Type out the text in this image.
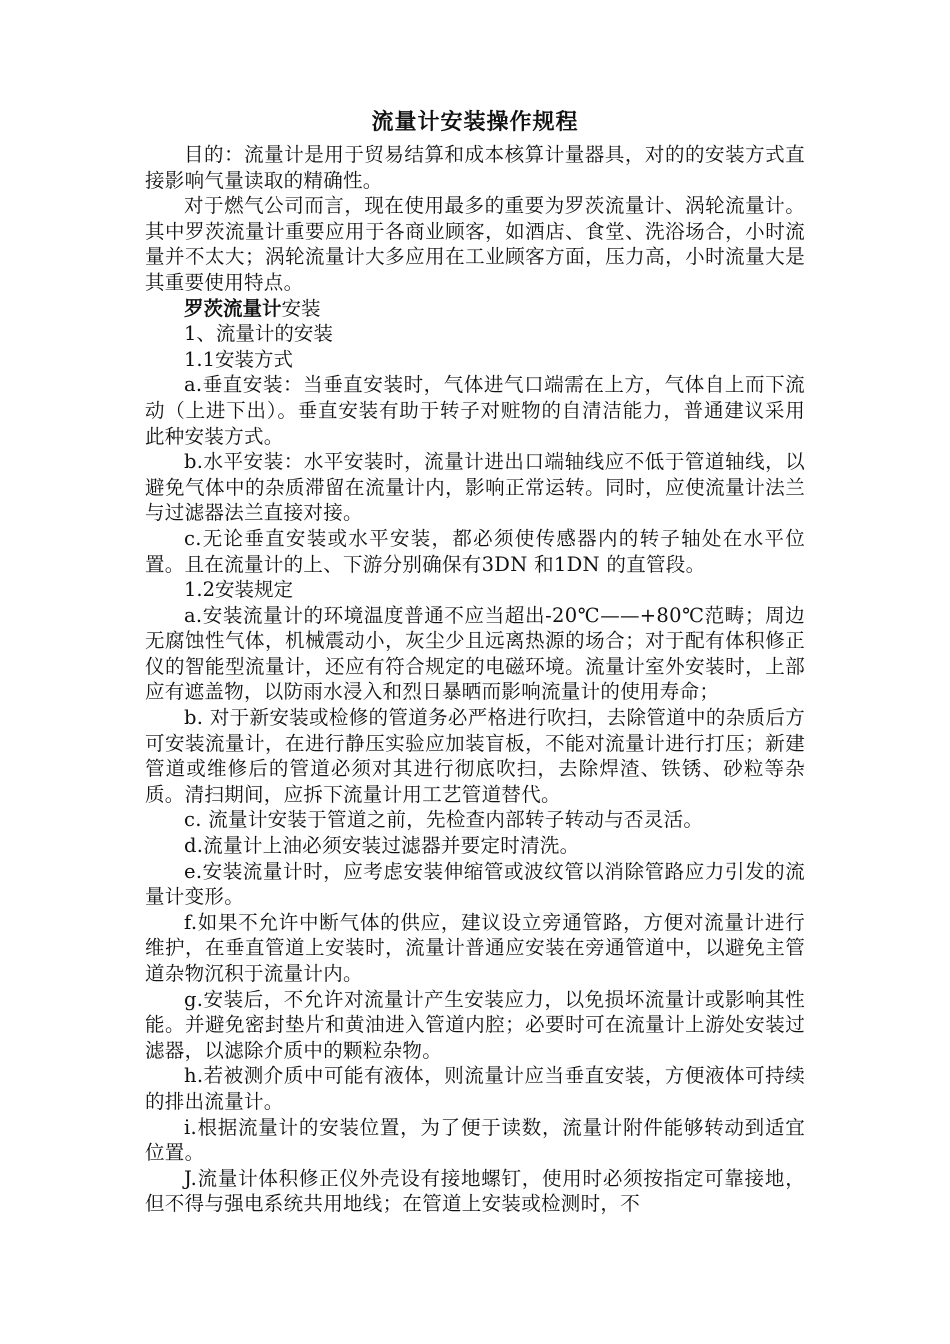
流量计安装操作规程

目的：流量计是用于贸易结算和成本核算计量器具，对的的安装方式直接影响气量读取的精确性。

对于燃气公司而言，现在使用最多的重要为罗茨流量计、涡轮流量计。其中罗茨流量计重要应用于各商业顾客，如酒店、食堂、洗浴场合，小时流量并不太大；涡轮流量计大多应用在工业顾客方面，压力高，小时流量大是其重要使用特点。

罗茨流量计安装

1、流量计的安装

1.1安装方式

a.垂直安装：当垂直安装时，气体进气口端需在上方，气体自上而下流动（上进下出）。垂直安装有助于转子对赃物的自清洁能力，普通建议采用此种安装方式。

b.水平安装：水平安装时，流量计进出口端轴线应不低于管道轴线，以避免气体中的杂质滞留在流量计内，影响正常运转。同时，应使流量计法兰与过滤器法兰直接对接。

c.无论垂直安装或水平安装，都必须使传感器内的转子轴处在水平位置。且在流量计的上、下游分别确保有3DN 和1DN 的直管段。

1.2安装规定

a.安装流量计的环境温度普通不应当超出-20℃——+80℃范畴；周边无腐蚀性气体，机械震动小，灰尘少且远离热源的场合；对于配有体积修正仪的智能型流量计，还应有符合规定的电磁环境。流量计室外安装时，上部应有遮盖物，以防雨水浸入和烈日暴晒而影响流量计的使用寿命；

b. 对于新安装或检修的管道务必严格进行吹扫，去除管道中的杂质后方可安装流量计，在进行静压实验应加装盲板，不能对流量计进行打压；新建管道或维修后的管道必须对其进行彻底吹扫，去除焊渣、铁锈、砂粒等杂质。清扫期间，应拆下流量计用工艺管道替代。

c. 流量计安装于管道之前，先检查内部转子转动与否灵活。

d.流量计上油必须安装过滤器并要定时清洗。

e.安装流量计时，应考虑安装伸缩管或波纹管以消除管路应力引发的流量计变形。

f.如果不允许中断气体的供应，建议设立旁通管路，方便对流量计进行维护，在垂直管道上安装时，流量计普通应安装在旁通管道中，以避免主管道杂物沉积于流量计内。

g.安装后，不允许对流量计产生安装应力，以免损坏流量计或影响其性能。并避免密封垫片和黄油进入管道内腔；必要时可在流量计上游处安装过滤器，以滤除介质中的颗粒杂物。

h.若被测介质中可能有液体，则流量计应当垂直安装，方便液体可持续的排出流量计。

i.根据流量计的安装位置，为了便于读数，流量计附件能够转动到适宜位置。

J.流量计体积修正仪外壳设有接地螺钉，使用时必须按指定可靠接地，但不得与强电系统共用地线；在管道上安装或检测时，不
